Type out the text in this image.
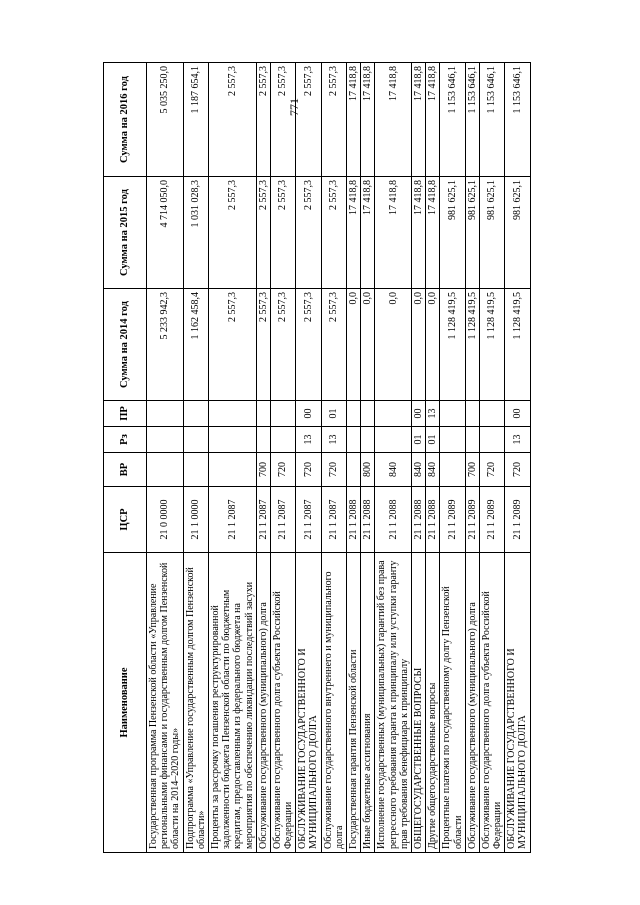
771
Наименование	ЦСР	ВР	Рз	ПР	Сумма на 2014 год	Сумма на 2015 год	Сумма на 2016 год
Государственная программа Пензенской области «Управление региональными финансами и государственным долгом Пензенской области на 2014–2020 годы»	21 0 0000				5 233 942,3	4 714 050,0	5 035 250,0
Подпрограмма «Управление государственным долгом Пензенской области»	21 1 0000				1 162 458,4	1 031 028,3	1 187 654,1
Проценты за рассрочку погашения реструктурированной задолженности бюджета Пензенской области по бюджетным кредитам, предоставленным из федерального бюджета на мероприятия по обеспечению ликвидации последствий засухи	21 1 2087				2 557,3	2 557,3	2 557,3
Обслуживание государственного (муниципального) долга	21 1 2087	700			2 557,3	2 557,3	2 557,3
Обслуживание государственного долга субъекта Российской Федерации	21 1 2087	720			2 557,3	2 557,3	2 557,3
ОБСЛУЖИВАНИЕ ГОСУДАРСТВЕННОГО И МУНИЦИПАЛЬНОГО ДОЛГА	21 1 2087	720	13	00	2 557,3	2 557,3	2 557,3
Обслуживание государственного внутреннего и муниципального долга	21 1 2087	720	13	01	2 557,3	2 557,3	2 557,3
Государственная гарантия Пензенской области	21 1 2088				0,0	17 418,8	17 418,8
Иные бюджетные ассигнования	21 1 2088	800			0,0	17 418,8	17 418,8
Исполнение государственных (муниципальных) гарантий без права регрессного требования гаранта к принципалу или уступки гаранту прав требования бенефициара к принципалу	21 1 2088	840			0,0	17 418,8	17 418,8
ОБЩЕГОСУДАРСТВЕННЫЕ ВОПРОСЫ	21 1 2088	840	01	00	0,0	17 418,8	17 418,8
Другие общегосударственные вопросы	21 1 2088	840	01	13	0,0	17 418,8	17 418,8
Процентные платежи по государственному долгу Пензенской области	21 1 2089				1 128 419,5	981 625,1	1 153 646,1
Обслуживание государственного (муниципального) долга	21 1 2089	700			1 128 419,5	981 625,1	1 153 646,1
Обслуживание государственного долга субъекта Российской Федерации	21 1 2089	720			1 128 419,5	981 625,1	1 153 646,1
ОБСЛУЖИВАНИЕ ГОСУДАРСТВЕННОГО И МУНИЦИПАЛЬНОГО ДОЛГА	21 1 2089	720	13	00	1 128 419,5	981 625,1	1 153 646,1
